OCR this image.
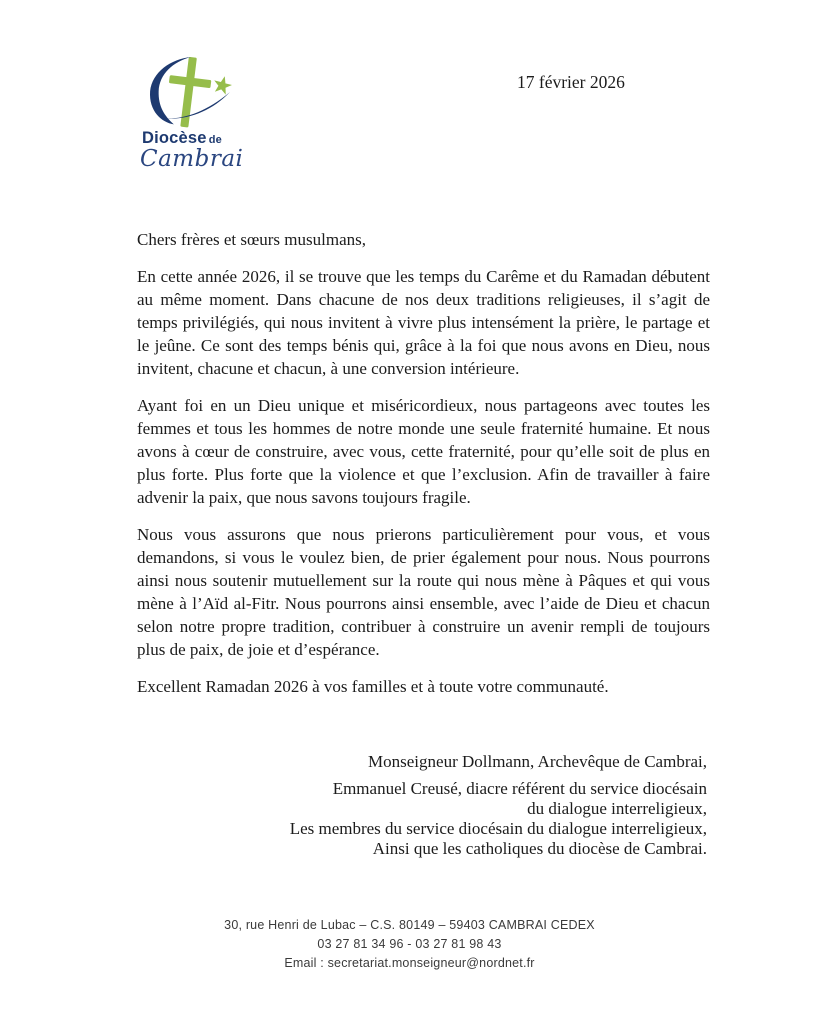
Diocèse de
Cambrai
17 février 2026

Chers frères et sœurs musulmans,

En cette année 2026, il se trouve que les temps du Carême et du Ramadan débutent au même moment. Dans chacune de nos deux traditions religieuses, il s’agit de temps privilégiés, qui nous invitent à vivre plus intensément la prière, le partage et le jeûne. Ce sont des temps bénis qui, grâce à la foi que nous avons en Dieu, nous invitent, chacune et chacun, à une conversion intérieure.

Ayant foi en un Dieu unique et miséricordieux, nous partageons avec toutes les femmes et tous les hommes de notre monde une seule fraternité humaine. Et nous avons à cœur de construire, avec vous, cette fraternité, pour qu’elle soit de plus en plus forte. Plus forte que la violence et que l’exclusion. Afin de travailler à faire advenir la paix, que nous savons toujours fragile.

Nous vous assurons que nous prierons particulièrement pour vous, et vous demandons, si vous le voulez bien, de prier également pour nous. Nous pourrons ainsi nous soutenir mutuellement sur la route qui nous mène à Pâques et qui vous mène à l’Aïd al-Fitr. Nous pourrons ainsi ensemble, avec l’aide de Dieu et chacun selon notre propre tradition, contribuer à construire un avenir rempli de toujours plus de paix, de joie et d’espérance.

Excellent Ramadan 2026 à vos familles et à toute votre communauté.

Monseigneur Dollmann, Archevêque de Cambrai,

Emmanuel Creusé, diacre référent du service diocésain

du dialogue interreligieux,

Les membres du service diocésain du dialogue interreligieux,

Ainsi que les catholiques du diocèse de Cambrai.

30, rue Henri de Lubac – C.S. 80149 – 59403 CAMBRAI CEDEX
03 27 81 34 96 - 03 27 81 98 43
Email : secretariat.monseigneur@nordnet.fr
